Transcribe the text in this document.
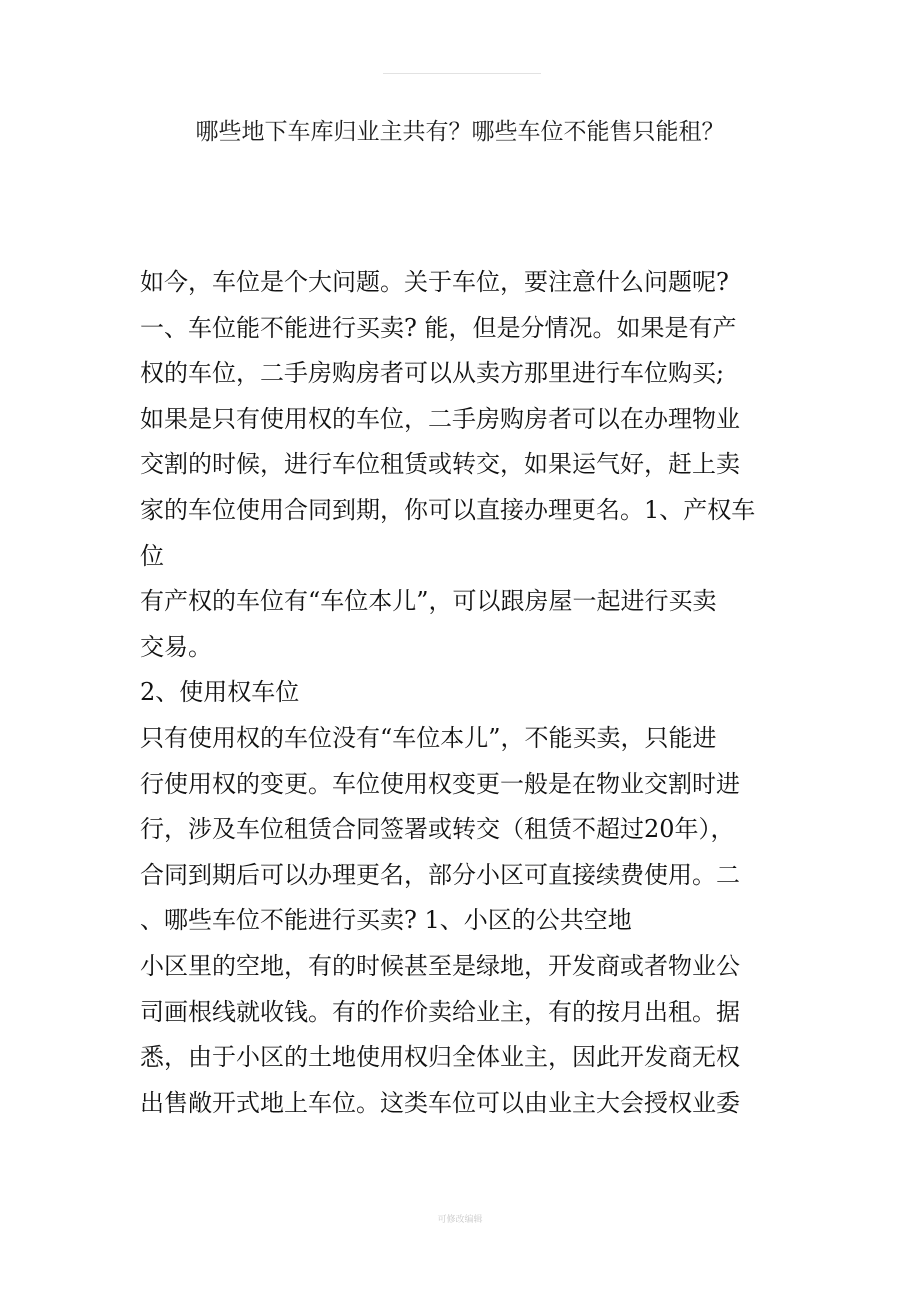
哪些地下车库归业主共有？哪些车位不能售只能租？
如今，车位是个大问题。关于车位，要注意什么问题呢?
一、车位能不能进行买卖? 能，但是分情况。如果是有产
权的车位，二手房购房者可以从卖方那里进行车位购买;
如果是只有使用权的车位，二手房购房者可以在办理物业
交割的时候，进行车位租赁或转交，如果运气好，赶上卖
家的车位使用合同到期，你可以直接办理更名。1、产权车
位
有产权的车位有“车位本儿”，可以跟房屋一起进行买卖
交易。
2、使用权车位
只有使用权的车位没有“车位本儿”，不能买卖，只能进
行使用权的变更。车位使用权变更一般是在物业交割时进
行，涉及车位租赁合同签署或转交（租赁不超过20年），
合同到期后可以办理更名，部分小区可直接续费使用。二
、哪些车位不能进行买卖? 1、小区的公共空地
小区里的空地，有的时候甚至是绿地，开发商或者物业公
司画根线就收钱。有的作价卖给业主，有的按月出租。据
悉，由于小区的土地使用权归全体业主，因此开发商无权
出售敞开式地上车位。这类车位可以由业主大会授权业委
可修改编辑
